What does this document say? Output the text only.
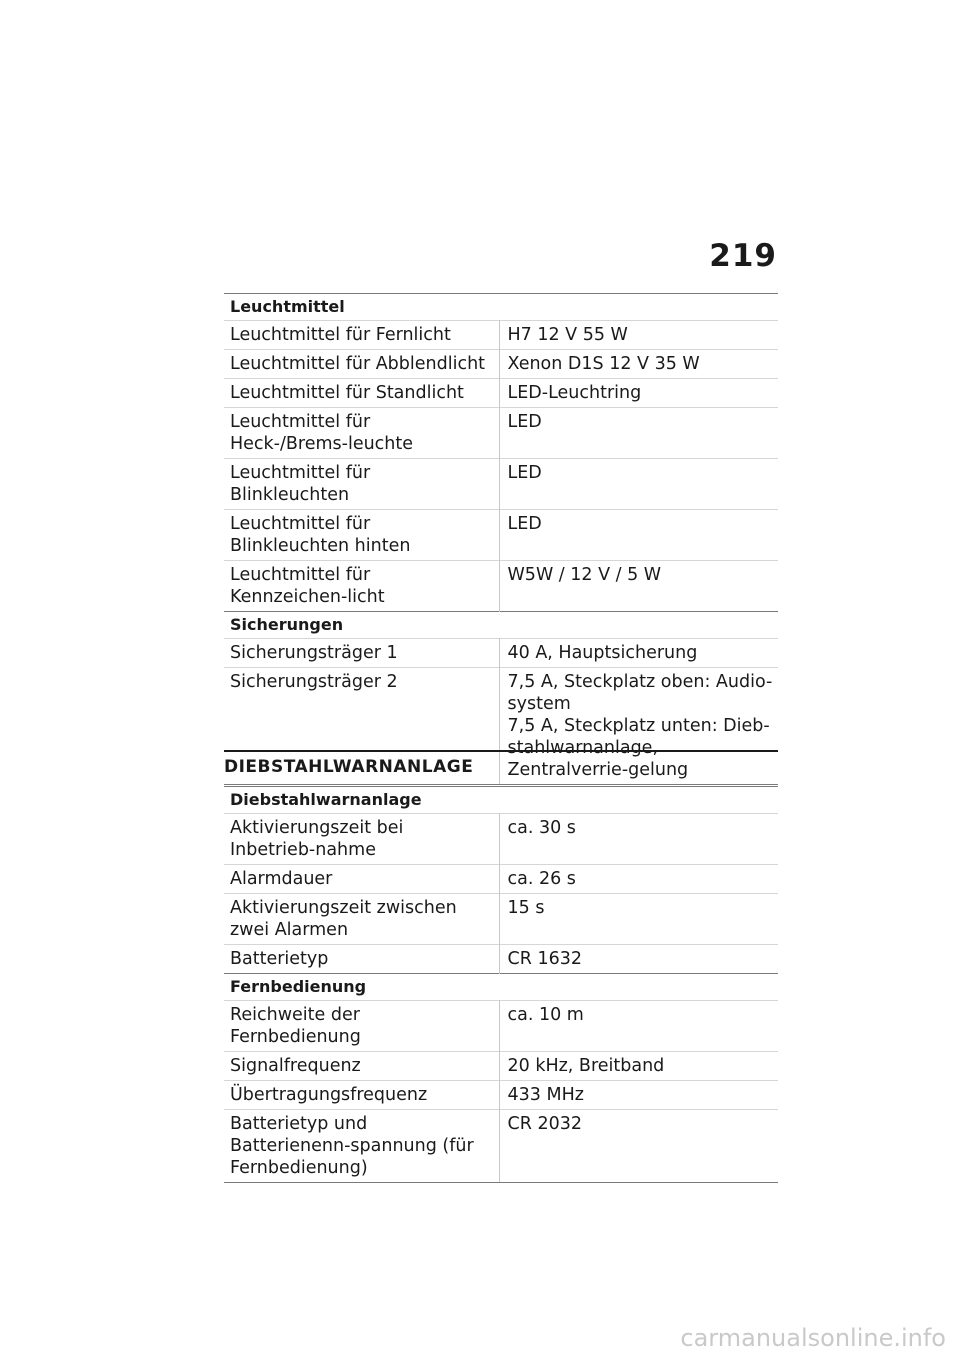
219
Leuchtmittel	
Leuchtmittel für Fernlicht	H7 12 V 55 W

Leuchtmittel für Abblendlicht	Xenon D1S 12 V 35 W

Leuchtmittel für Standlicht	LED-Leuchtring

Leuchtmittel für Heck-/Brems-leuchte	LED

Leuchtmittel für Blinkleuchten	LED

Leuchtmittel für Blinkleuchten hinten	LED

Leuchtmittel für Kennzeichen-licht	W5W / 12 V / 5 W

Sicherungen	
Sicherungsträger 1	40 A, Hauptsicherung

Sicherungsträger 2	7,5 A, Steckplatz oben: Audio-system
7,5 A, Steckplatz unten: Dieb-stahlwarnanlage, Zentralverrie-gelung
DIEBSTAHLWARNANLAGE
Diebstahlwarnanlage	
Aktivierungszeit bei Inbetrieb-nahme	ca. 30 s

Alarmdauer	ca. 26 s

Aktivierungszeit zwischen zwei Alarmen	15 s

Batterietyp	CR 1632

Fernbedienung	
Reichweite der Fernbedienung	ca. 10 m

Signalfrequenz	20 kHz, Breitband

Übertragungsfrequenz	433 MHz

Batterietyp und Batterienenn-spannung (für Fernbedienung)	CR 2032
carmanualsonline.info
